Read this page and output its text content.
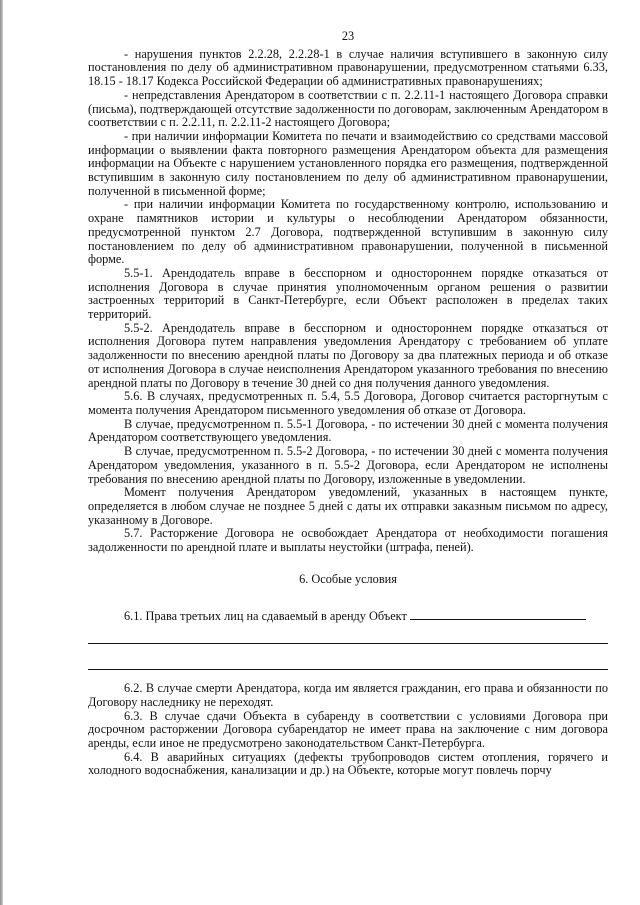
23

- нарушения пунктов 2.2.28, 2.2.28-1 в случае наличия вступившего в законную силу постановления по делу об административном правонарушении, предусмотренном статьями 6.33, 18.15 - 18.17 Кодекса Российской Федерации об административных правонарушениях;

- непредставления Арендатором в соответствии с п. 2.2.11-1 настоящего Договора справки (письма), подтверждающей отсутствие задолженности по договорам, заключенным Арендатором в соответствии с п. 2.2.11, п. 2.2.11-2 настоящего Договора;

- при наличии информации Комитета по печати и взаимодействию со средствами массовой информации о выявлении факта повторного размещения Арендатором объекта для размещения информации на Объекте с нарушением установленного порядка его размещения, подтвержденной вступившим в законную силу постановлением по делу об административном правонарушении, полученной в письменной форме;

- при наличии информации Комитета по государственному контролю, использованию и охране памятников истории и культуры о несоблюдении Арендатором обязанности, предусмотренной пунктом 2.7 Договора, подтвержденной вступившим в законную силу постановлением по делу об административном правонарушении, полученной в письменной форме.

5.5-1. Арендодатель вправе в бесспорном и одностороннем порядке отказаться от исполнения Договора в случае принятия уполномоченным органом решения о развитии застроенных территорий в Санкт-Петербурге, если Объект расположен в пределах таких территорий.

5.5-2. Арендодатель вправе в бесспорном и одностороннем порядке отказаться от исполнения Договора путем направления уведомления Арендатору с требованием об уплате задолженности по внесению арендной платы по Договору за два платежных периода и об отказе от исполнения Договора в случае неисполнения Арендатором указанного требования по внесению арендной платы по Договору в течение 30 дней со дня получения данного уведомления.

5.6. В случаях, предусмотренных п. 5.4, 5.5 Договора, Договор считается расторгнутым с момента получения Арендатором письменного уведомления об отказе от Договора.

В случае, предусмотренном п. 5.5-1 Договора, - по истечении 30 дней с момента получения Арендатором соответствующего уведомления.

В случае, предусмотренном п. 5.5-2 Договора, - по истечении 30 дней с момента получения Арендатором уведомления, указанного в п. 5.5-2 Договора, если Арендатором не исполнены требования по внесению арендной платы по Договору, изложенные в уведомлении.

Момент получения Арендатором уведомлений, указанных в настоящем пункте, определяется в любом случае не позднее 5 дней с даты их отправки заказным письмом по адресу, указанному в Договоре.

5.7. Расторжение Договора не освобождает Арендатора от необходимости погашения задолженности по арендной плате и выплаты неустойки (штрафа, пеней).

6. Особые условия
6.1. Права третьих лиц на сдаваемый в аренду Объект

6.2. В случае смерти Арендатора, когда им является гражданин, его права и обязанности по Договору наследнику не переходят.

6.3. В случае сдачи Объекта в субаренду в соответствии с условиями Договора при досрочном расторжении Договора субарендатор не имеет права на заключение с ним договора аренды, если иное не предусмотрено законодательством Санкт-Петербурга.

6.4. В аварийных ситуациях (дефекты трубопроводов систем отопления, горячего и холодного водоснабжения, канализации и др.) на Объекте, которые могут повлечь порчу
